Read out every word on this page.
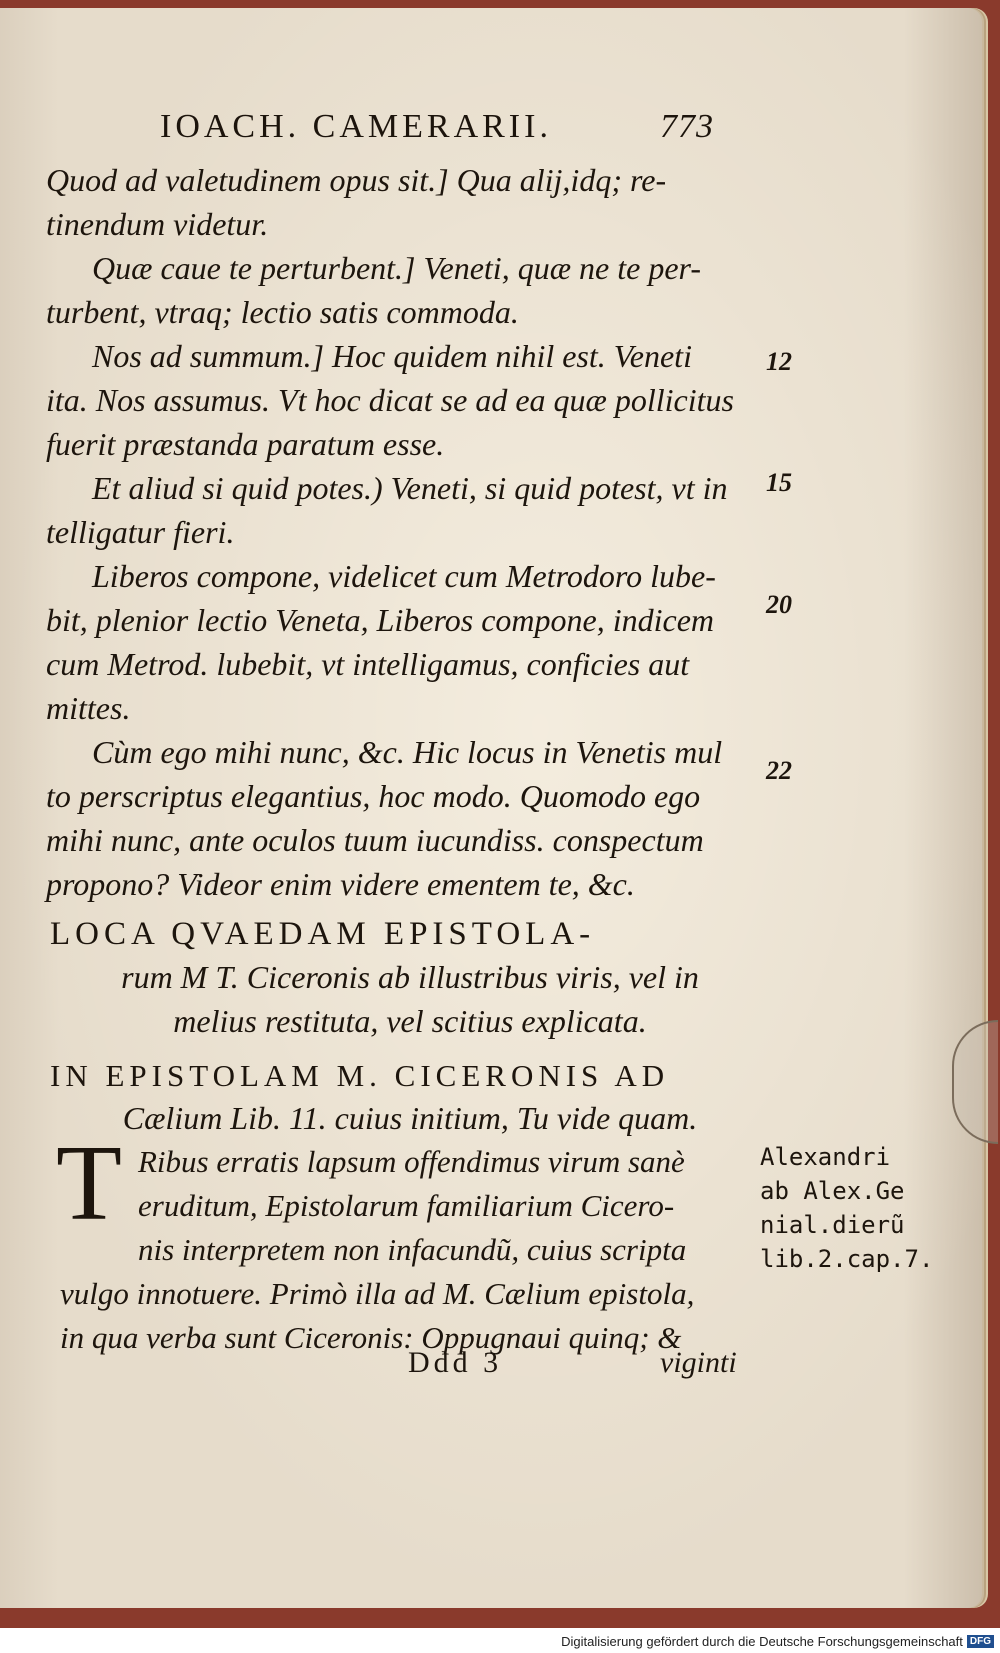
IOACH. CAMERARII.	773
Quod ad valetudinem opus sit.] Qua alij,idq; re-
tinendum videtur.
Quæ caue te perturbent.] Veneti, quæ ne te per-
turbent, vtraq; lectio satis commoda.
Nos ad summum.] Hoc quidem nihil est. Veneti
ita. Nos assumus. Vt hoc dicat se ad ea quæ pollicitus
fuerit præstanda paratum esse.
Et aliud si quid potes.) Veneti, si quid potest, vt in
telligatur fieri.
Liberos compone, videlicet cum Metrodoro lube-
bit, plenior lectio Veneta, Liberos compone, indicem
cum Metrod. lubebit, vt intelligamus, conficies aut
mittes.
Cùm ego mihi nunc, &c. Hic locus in Venetis mul
to perscriptus elegantius, hoc modo. Quomodo ego
mihi nunc, ante oculos tuum iucundiss. conspectum
propono? Videor enim videre ementem te, &c.
12
15
20
22
LOCA QVAEDAM EPISTOLA-
rum M T. Ciceronis ab illustribus viris, vel in
melius restituta, vel scitius explicata.
IN EPISTOLAM M. CICERONIS AD
Cælium Lib. 11. cuius initium, Tu vide quam.
T Ribus erratis lapsum offendimus virum sanè
eruditum, Epistolarum familiarium Cicero-
nis interpretem non infacundũ, cuius scripta
vulgo innotuere. Primò illa ad M. Cælium epistola,
in qua verba sunt Ciceronis: Oppugnaui quinq; &
Alexandri
ab Alex.Ge
nial.dierũ
lib.2.cap.7.
Ddd 3	viginti
Digitalisierung gefördert durch die Deutsche Forschungsgemeinschaft DFG
